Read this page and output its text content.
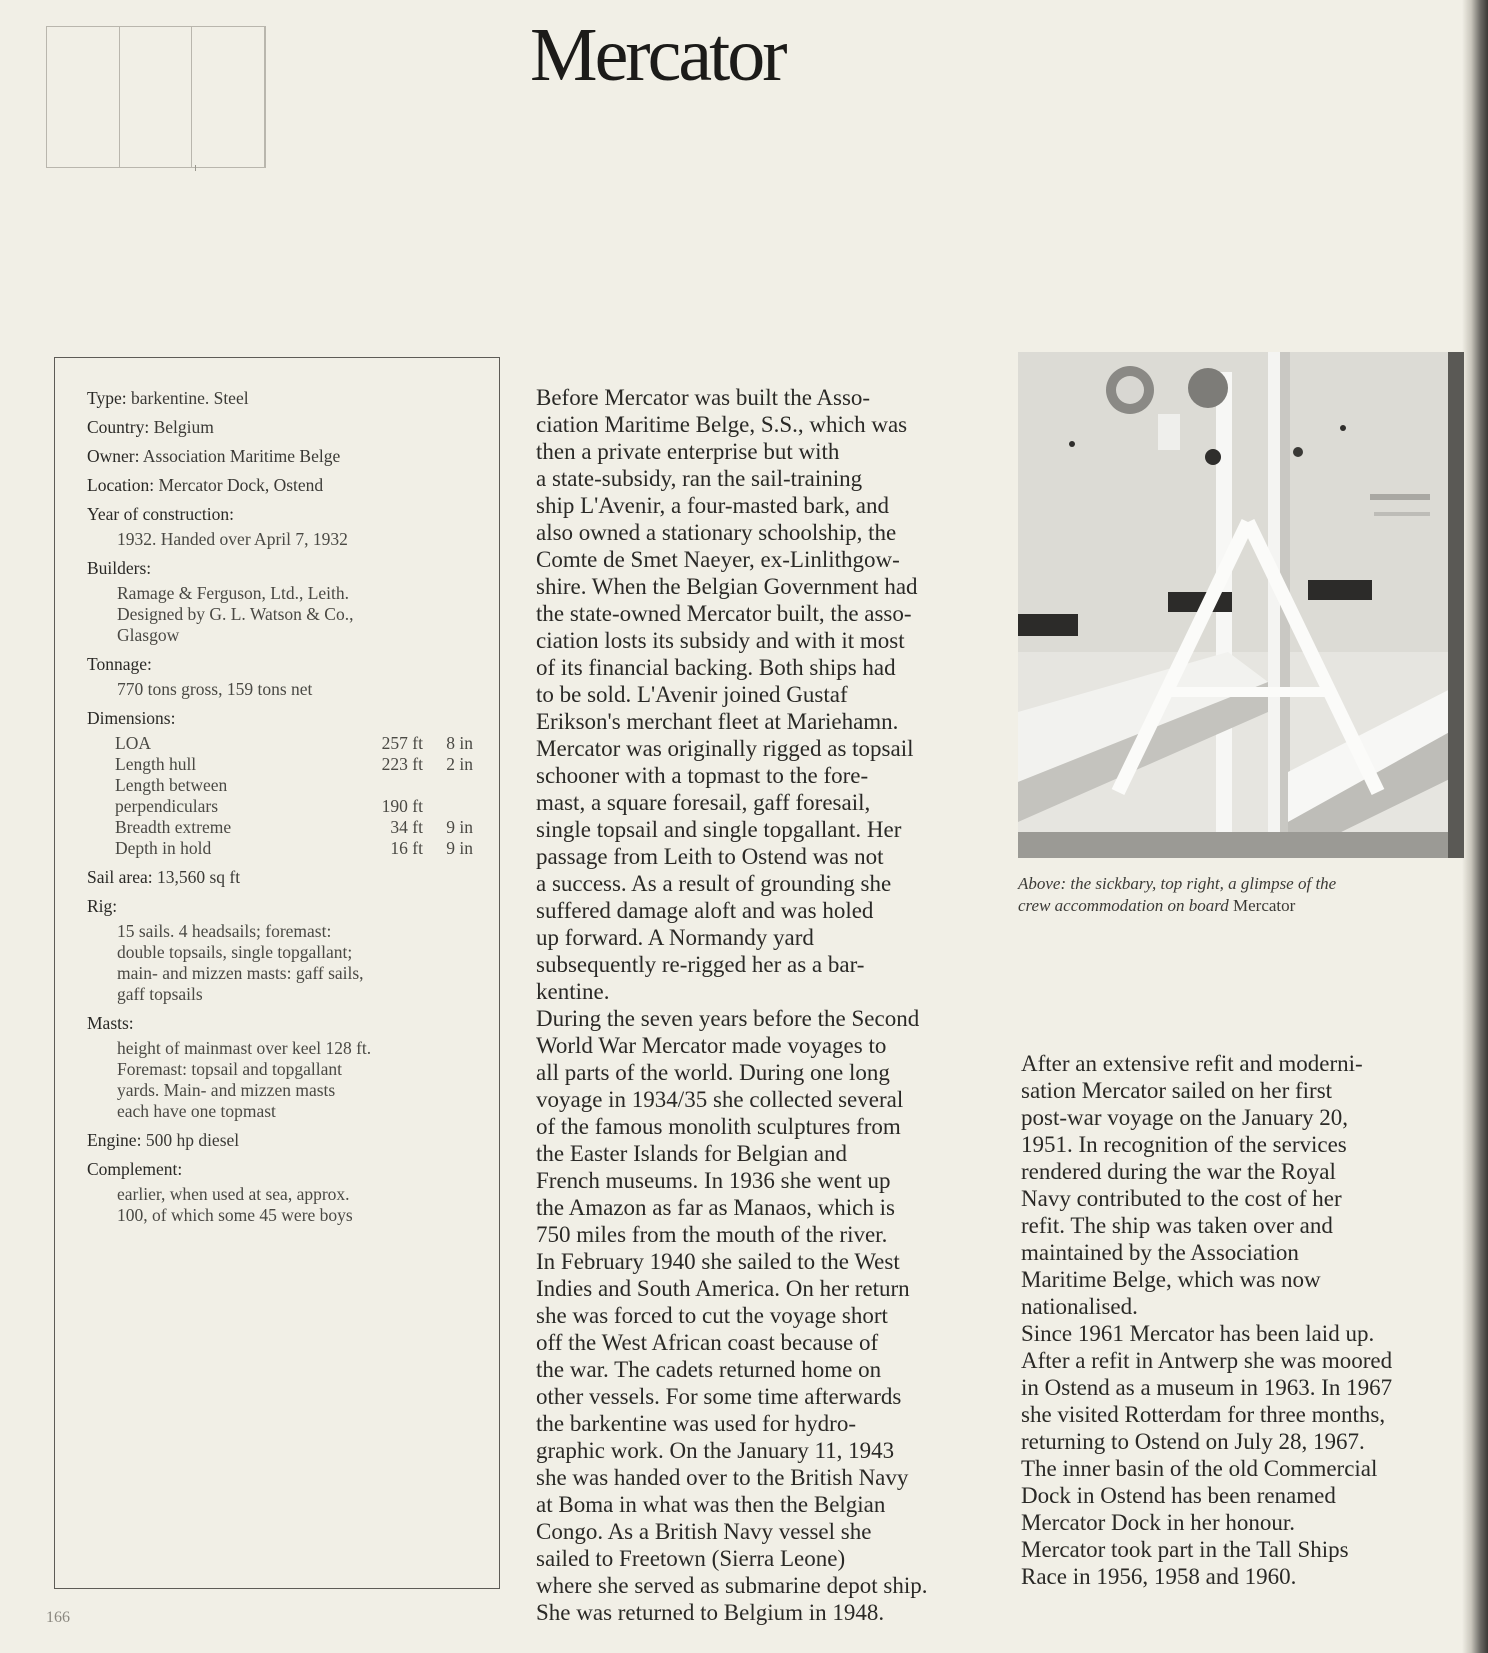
Mercator
Type: barkentine. Steel
Country: Belgium
Owner: Association Maritime Belge
Location: Mercator Dock, Ostend
Year of construction:
1932. Handed over April 7, 1932
Builders:
Ramage & Ferguson, Ltd., Leith.
Designed by G. L. Watson & Co.,
Glasgow
Tonnage:
770 tons gross, 159 tons net
Dimensions:
LOA	257 ft	8 in
Length hull	223 ft	2 in
Length between		
perpendiculars	190 ft	
Breadth extreme	34 ft	9 in
Depth in hold	16 ft	9 in
Sail area: 13,560 sq ft
Rig:
15 sails. 4 headsails; foremast:
double topsails, single topgallant;
main- and mizzen masts: gaff sails,
gaff topsails
Masts:
height of mainmast over keel 128 ft.
Foremast: topsail and topgallant
yards. Main- and mizzen masts
each have one topmast
Engine: 500 hp diesel
Complement:
earlier, when used at sea, approx.
100, of which some 45 were boys

Before Mercator was built the Asso-

ciation Maritime Belge, S.S., which was

then a private enterprise but with

a state-subsidy, ran the sail-training

ship L'Avenir, a four-masted bark, and

also owned a stationary schoolship, the

Comte de Smet Naeyer, ex-Linlithgow-

shire. When the Belgian Government had

the state-owned Mercator built, the asso-

ciation losts its subsidy and with it most

of its financial backing. Both ships had

to be sold. L'Avenir joined Gustaf

Erikson's merchant fleet at Mariehamn.

Mercator was originally rigged as topsail

schooner with a topmast to the fore-

mast, a square foresail, gaff foresail,

single topsail and single topgallant. Her

passage from Leith to Ostend was not

a success. As a result of grounding she

suffered damage aloft and was holed

up forward. A Normandy yard

subsequently re-rigged her as a bar-

kentine.

During the seven years before the Second

World War Mercator made voyages to

all parts of the world. During one long

voyage in 1934/35 she collected several

of the famous monolith sculptures from

the Easter Islands for Belgian and

French museums. In 1936 she went up

the Amazon as far as Manaos, which is

750 miles from the mouth of the river.

In February 1940 she sailed to the West

Indies and South America. On her return

she was forced to cut the voyage short

off the West African coast because of

the war. The cadets returned home on

other vessels. For some time afterwards

the barkentine was used for hydro-

graphic work. On the January 11, 1943

she was handed over to the British Navy

at Boma in what was then the Belgian

Congo. As a British Navy vessel she

sailed to Freetown (Sierra Leone)

where she served as submarine depot ship.

She was returned to Belgium in 1948.

Above: the sickbary, top right, a glimpse of the
crew accommodation on board Mercator

After an extensive refit and moderni-

sation Mercator sailed on her first

post-war voyage on the January 20,

1951. In recognition of the services

rendered during the war the Royal

Navy contributed to the cost of her

refit. The ship was taken over and

maintained by the Association

Maritime Belge, which was now

nationalised.

Since 1961 Mercator has been laid up.

After a refit in Antwerp she was moored

in Ostend as a museum in 1963. In 1967

she visited Rotterdam for three months,

returning to Ostend on July 28, 1967.

The inner basin of the old Commercial

Dock in Ostend has been renamed

Mercator Dock in her honour.

Mercator took part in the Tall Ships

Race in 1956, 1958 and 1960.

166
